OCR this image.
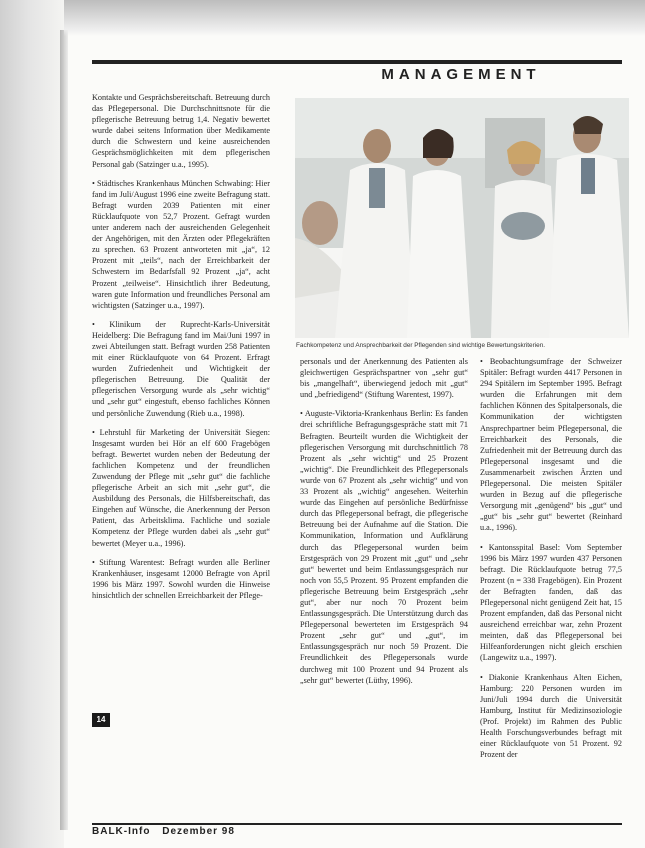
MANAGEMENT

Kontakte und Gesprächsbereitschaft. Betreuung durch das Pflegepersonal. Die Durchschnittsnote für die pflegerische Betreuung betrug 1,4. Negativ bewertet wurde dabei seitens Information über Medikamente durch die Schwestern und keine ausreichenden Gesprächsmöglichkeiten mit dem pflegerischen Personal gab (Satzinger u.a., 1995).

• Städtisches Krankenhaus München Schwabing: Hier fand im Juli/August 1996 eine zweite Befragung statt. Befragt wurden 2039 Patienten mit einer Rücklaufquote von 52,7 Prozent. Gefragt wurden unter anderem nach der ausreichenden Gelegenheit der Angehörigen, mit den Ärzten oder Pflegekräften zu sprechen. 63 Prozent antworteten mit „ja“, 12 Prozent mit „teils“, nach der Erreichbarkeit der Schwestern im Bedarfsfall 92 Prozent „ja“, acht Prozent „teilweise“. Hinsichtlich ihrer Bedeutung, waren gute Information und freundliches Personal am wichtigsten (Satzinger u.a., 1997).

• Klinikum der Ruprecht-Karls-Universität Heidelberg: Die Befragung fand im Mai/Juni 1997 in zwei Abteilungen statt. Befragt wurden 258 Patienten mit einer Rücklaufquote von 64 Prozent. Erfragt wurden Zufriedenheit und Wichtigkeit der pflegerischen Betreuung. Die Qualität der pflegerischen Versorgung wurde als „sehr wichtig“ und „sehr gut“ eingestuft, ebenso fachliches Können und persönliche Zuwendung (Rieb u.a., 1998).

• Lehrstuhl für Marketing der Universität Siegen: Insgesamt wurden bei Hör an elf 600 Fragebögen befragt. Bewertet wurden neben der Bedeutung der fachlichen Kompetenz und der freundlichen Zuwendung der Pflege mit „sehr gut“ die fachliche pflegerische Arbeit an sich mit „sehr gut“, die Ausbildung des Personals, die Hilfsbereitschaft, das Eingehen auf Wünsche, die Anerkennung der Person Patient, das Arbeitsklima. Fachliche und soziale Kompetenz der Pflege wurden dabei als „sehr gut“ bewertet (Meyer u.a., 1996).

• Stiftung Warentest: Befragt wurden alle Berliner Krankenhäuser, insgesamt 12000 Befragte von April 1996 bis März 1997. Sowohl wurden die Hinweise hinsichtlich der schnellen Erreichbarkeit der Pflege-

Fachkompetenz und Ansprechbarkeit der Pflegenden sind wichtige Bewertungskriterien.

personals und der Anerkennung des Patienten als gleichwertigen Gesprächspartner von „sehr gut“ bis „mangelhaft“, überwiegend jedoch mit „gut“ und „befriedigend“ (Stiftung Warentest, 1997).

• Auguste-Viktoria-Krankenhaus Berlin: Es fanden drei schriftliche Befragungsgespräche statt mit 71 Befragten. Beurteilt wurden die Wichtigkeit der pflegerischen Versorgung mit durchschnittlich 78 Prozent als „sehr wichtig“ und 25 Prozent „wichtig“. Die Freundlichkeit des Pflegepersonals wurde von 67 Prozent als „sehr wichtig“ und von 33 Prozent als „wichtig“ angesehen. Weiterhin wurde das Eingehen auf persönliche Bedürfnisse durch das Pflegepersonal befragt, die pflegerische Betreuung bei der Aufnahme auf die Station. Die Kommunikation, Information und Aufklärung durch das Pflegepersonal wurden beim Erstgespräch von 29 Prozent mit „gut“ und „sehr gut“ bewertet und beim Entlassungsgespräch nur noch von 55,5 Prozent. 95 Prozent empfanden die pflegerische Betreuung beim Erstgespräch „sehr gut“, aber nur noch 70 Prozent beim Entlassungsgespräch. Die Unterstützung durch das Pflegepersonal bewerteten im Erstgespräch 94 Prozent „sehr gut“ und „gut“, im Entlassungsgespräch nur noch 59 Prozent. Die Freundlichkeit des Pflegepersonals wurde durchweg mit 100 Prozent und 94 Prozent als „sehr gut“ bewertet (Lüthy, 1996).

• Beobachtungsumfrage der Schweizer Spitäler: Befragt wurden 4417 Personen in 294 Spitälern im September 1995. Befragt wurden die Erfahrungen mit dem fachlichen Können des Spitalpersonals, die Kommunikation der wichtigsten Ansprechpartner beim Pflegepersonal, die Erreichbarkeit des Personals, die Zufriedenheit mit der Betreuung durch das Pflegepersonal insgesamt und die Zusammenarbeit zwischen Ärzten und Pflegepersonal. Die meisten Spitäler wurden in Bezug auf die pflegerische Versorgung mit „genügend“ bis „gut“ und „gut“ bis „sehr gut“ bewertet (Reinhard u.a., 1996).

• Kantonsspital Basel: Vom September 1996 bis März 1997 wurden 437 Personen befragt. Die Rücklaufquote betrug 77,5 Prozent (n = 338 Fragebögen). Ein Prozent der Befragten fanden, daß das Pflegepersonal nicht genügend Zeit hat, 15 Prozent empfanden, daß das Personal nicht ausreichend erreichbar war, zehn Prozent meinten, daß das Pflegepersonal bei Hilfeanforderungen nicht gleich erschien (Langewitz u.a., 1997).

• Diakonie Krankenhaus Alten Eichen, Hamburg: 220 Personen wurden im Juni/Juli 1994 durch die Universität Hamburg, Institut für Medizinsoziologie (Prof. Projekt) im Rahmen des Public Health Forschungsverbundes befragt mit einer Rücklaufquote von 51 Prozent. 92 Prozent der

14
BALK-Info Dezember 98
